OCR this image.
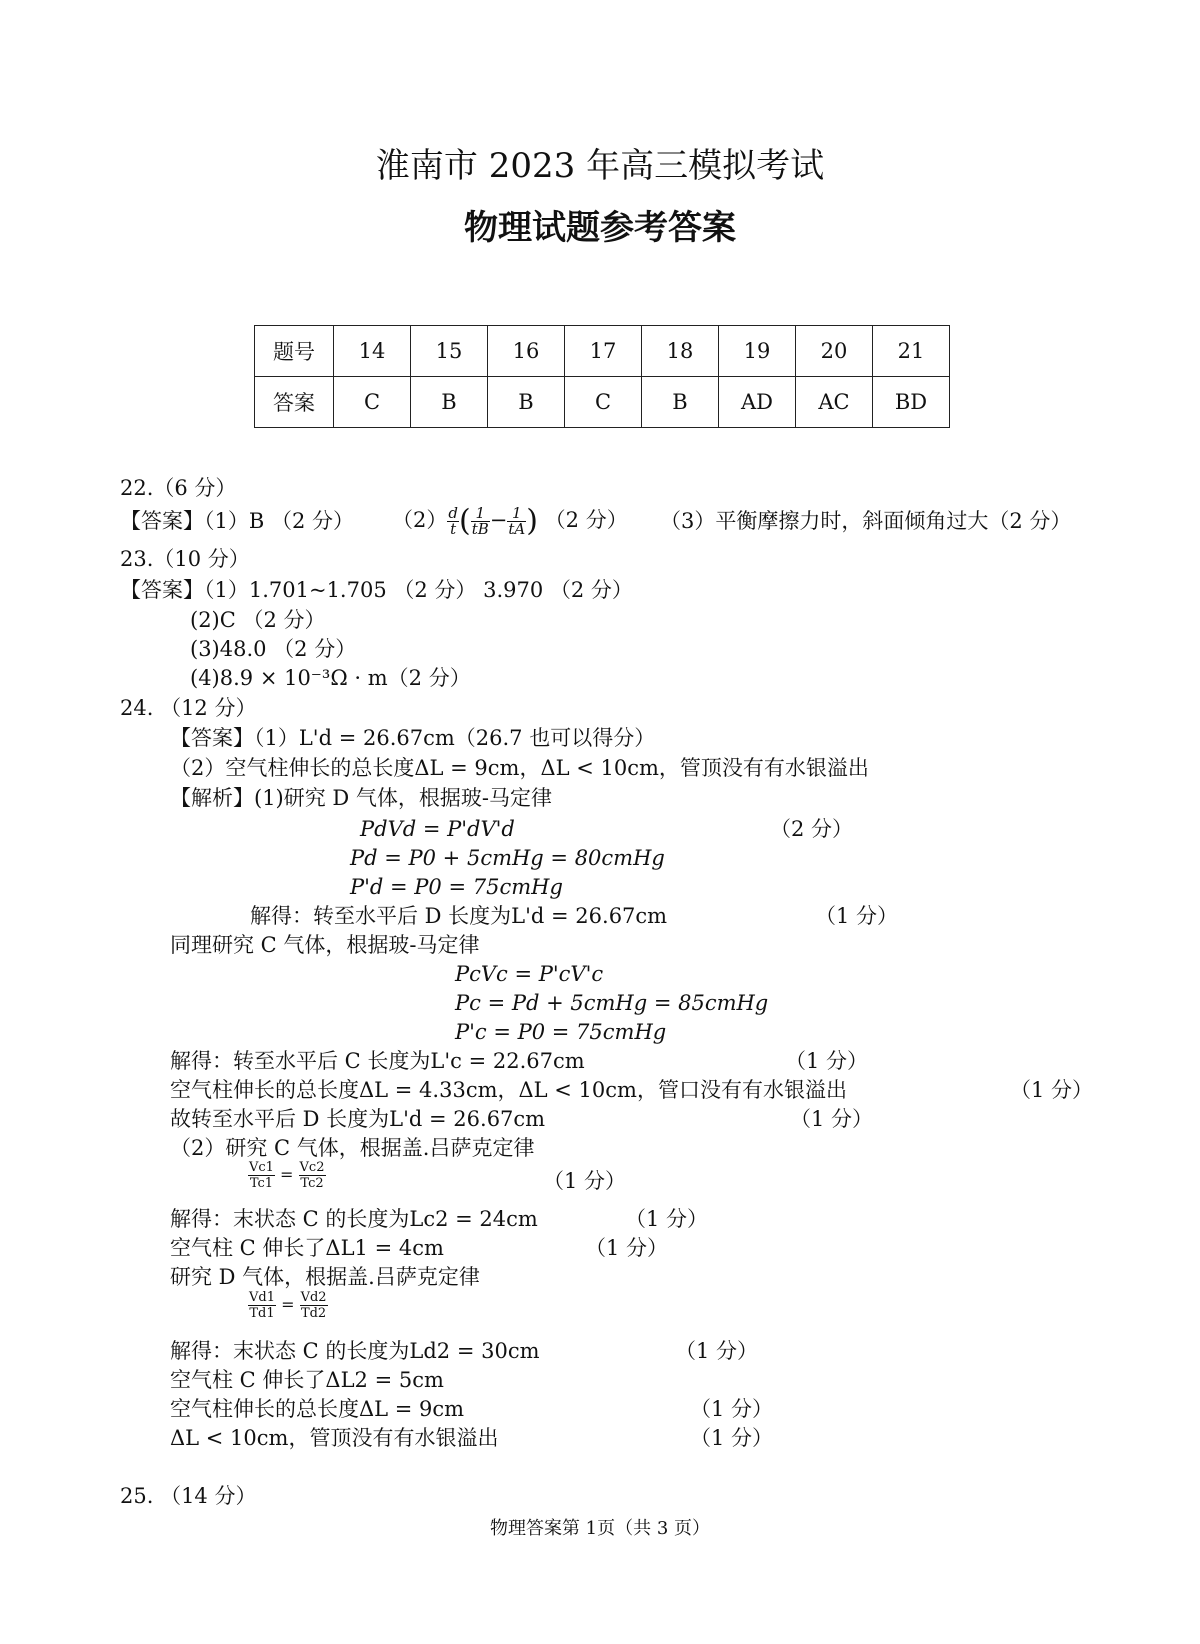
淮南市 2023 年高三模拟考试
物理试题参考答案
题号	14	15	16	17	18	19	20	21
答案	C	B	B	C	B	AD	AC	BD
22.（6 分）
【答案】（1）B （2 分） $(2) \frac{d}{t}$ ( $\frac{1}{tB} - \frac{1}{tA}$ ) （2 分） （3）平衡摩擦力时，斜面倾角过大（2 分）
23.（10 分）
【答案】（1）1.701~1.705 （2 分） 3.970 （2 分）
(2)C （2 分）
(3)48.0 （2 分）
(4)8.9 × 10⁻³Ω · m（2 分）
24. （12 分）
【答案】（1）L'd = 26.67cm（26.7 也可以得分）
（2）空气柱伸长的总长度ΔL = 9cm，ΔL < 10cm，管顶没有有水银溢出
【解析】(1)研究 D 气体，根据玻-马定律
PdVd = P'dV'd	（2 分）
Pd = P0 + 5cmHg = 80cmHg
P'd = P0 = 75cmHg
解得：转至水平后 D 长度为L'd = 26.67cm	（1 分）
同理研究 C 气体，根据玻-马定律
PcVc = P'cV'c
Pc = Pd + 5cmHg = 85cmHg
P'c = P0 = 75cmHg
解得：转至水平后 C 长度为L'c = 22.67cm	（1 分）
空气柱伸长的总长度ΔL = 4.33cm，ΔL < 10cm，管口没有有水银溢出	（1 分）
故转至水平后 D 长度为L'd = 26.67cm	（1 分）
（2）研究 C 气体，根据盖.吕萨克定律
$\frac{Vc1}{Tc1} = \frac{Vc2}{Tc2}$	（1 分）
解得：末状态 C 的长度为Lc2 = 24cm	（1 分）
空气柱 C 伸长了ΔL1 = 4cm	（1 分）
研究 D 气体，根据盖.吕萨克定律
$\frac{Vd1}{Td1} = \frac{Vd2}{Td2}$
解得：末状态 C 的长度为Ld2 = 30cm	（1 分）
空气柱 C 伸长了ΔL2 = 5cm
空气柱伸长的总长度ΔL = 9cm	（1 分）
ΔL < 10cm，管顶没有有水银溢出	（1 分）
25. （14 分）
物理答案第 1页（共 3 页）
